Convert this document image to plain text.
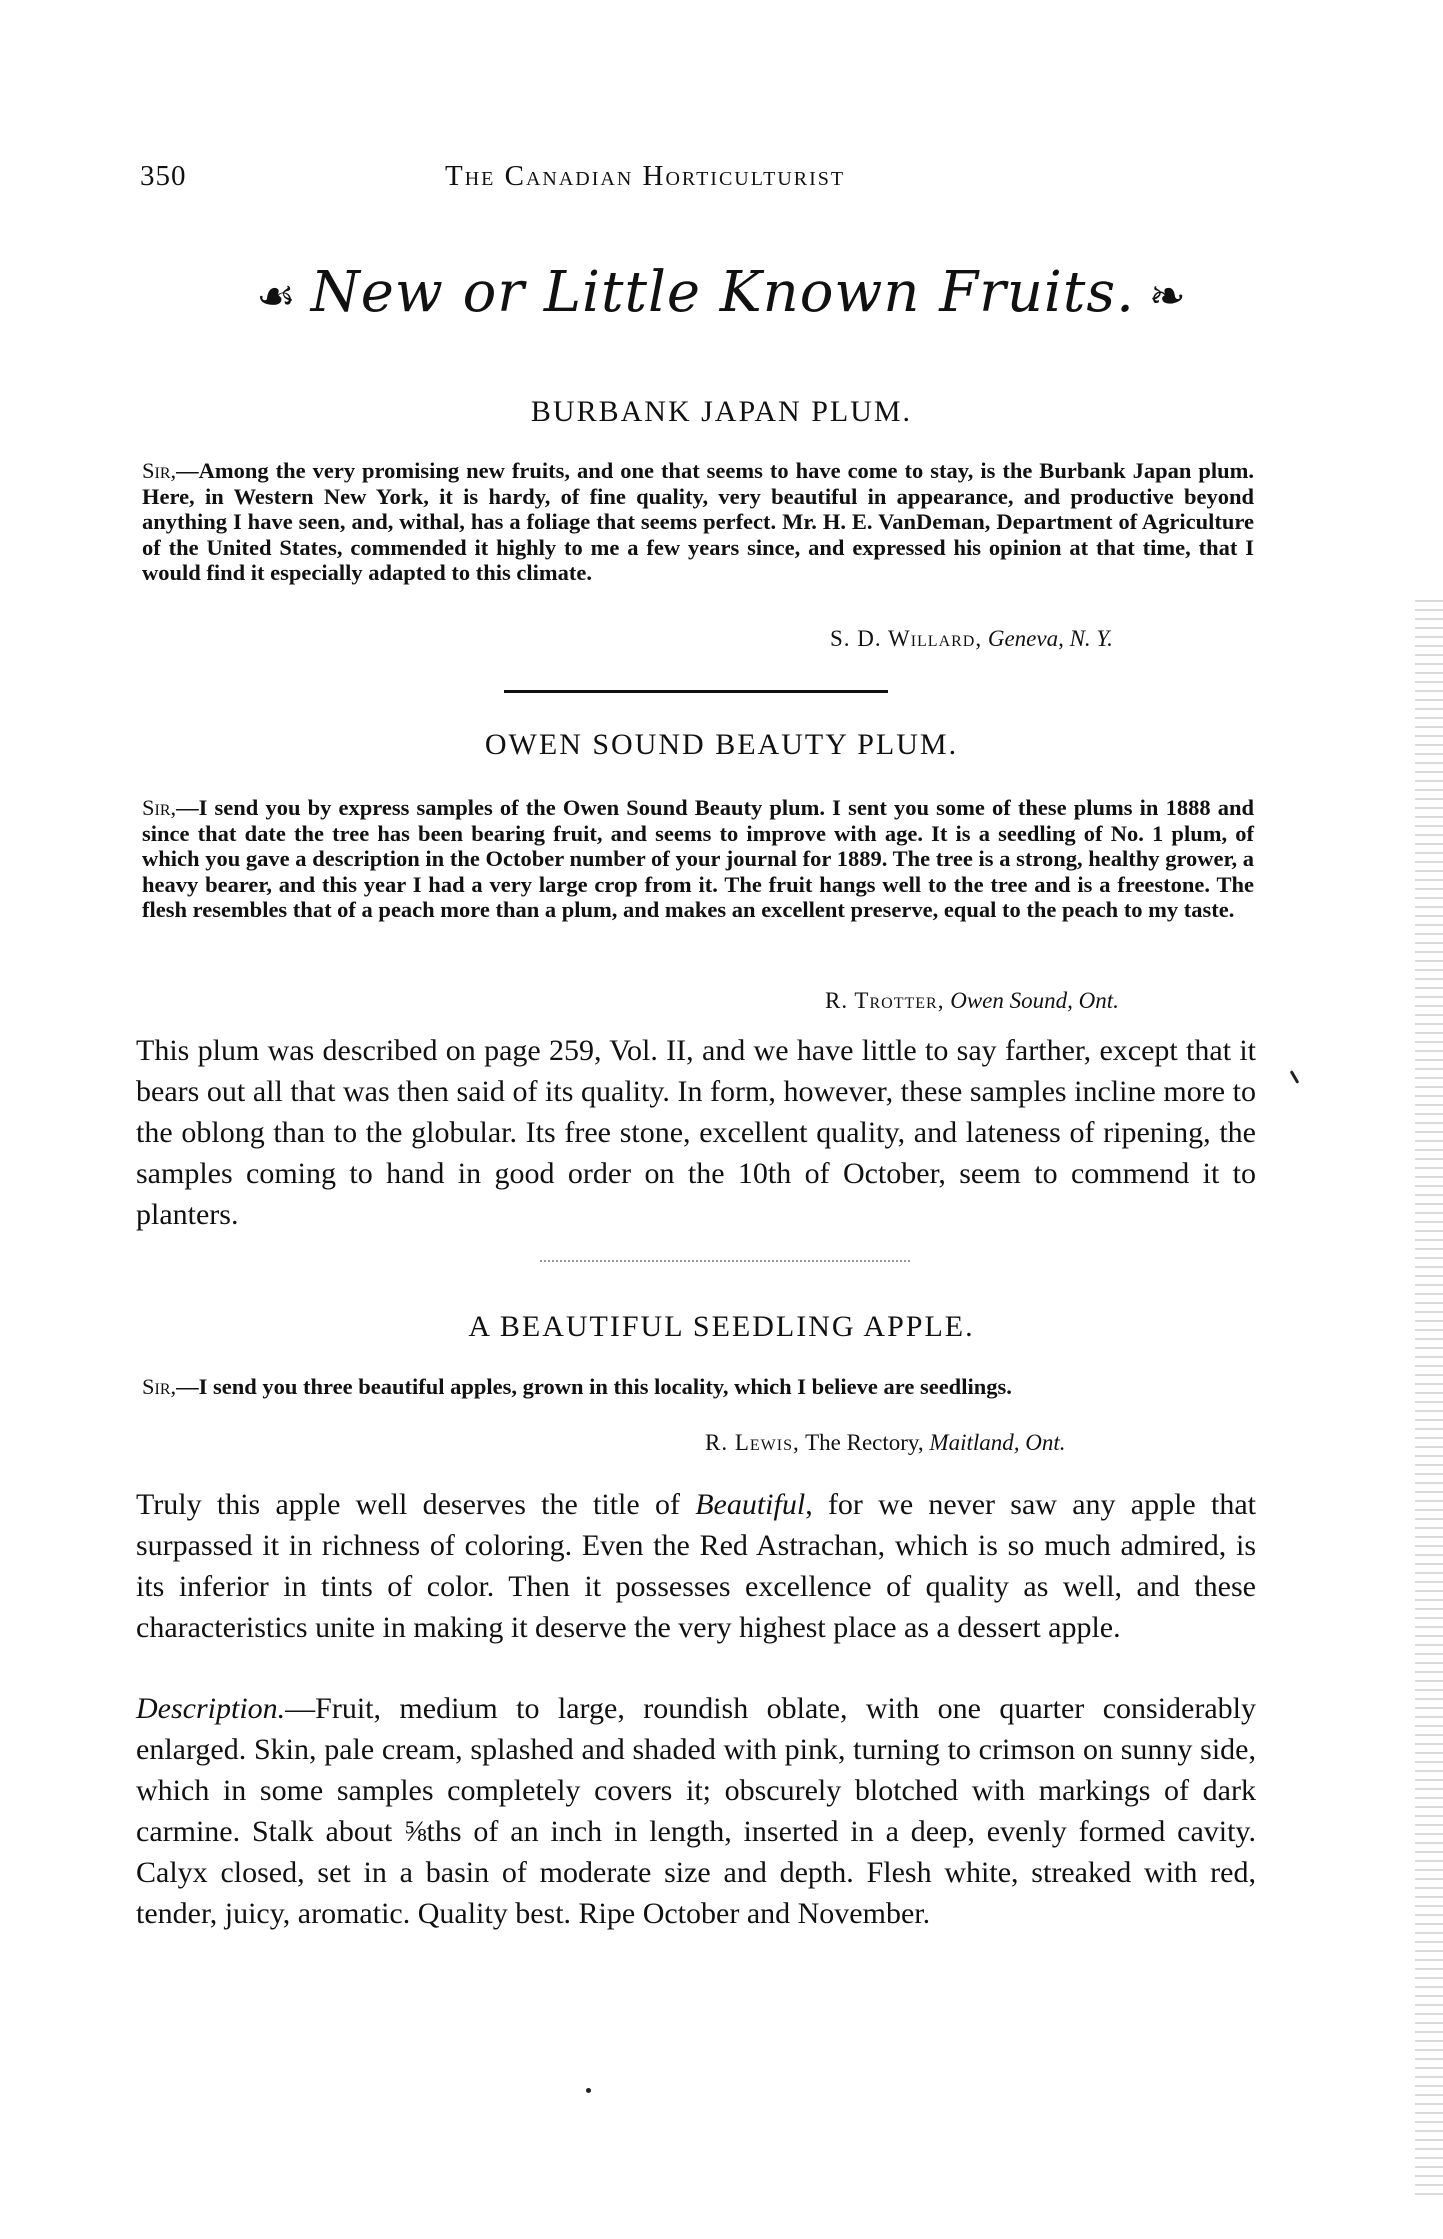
350	The Canadian Horticulturist
☙ New or Little Known Fruits. ❧
BURBANK JAPAN PLUM.
Sir,—Among the very promising new fruits, and one that seems to have come to stay, is the Burbank Japan plum. Here, in Western New York, it is hardy, of fine quality, very beautiful in appearance, and productive beyond anything I have seen, and, withal, has a foliage that seems perfect. Mr. H. E. VanDeman, Department of Agriculture of the United States, commended it highly to me a few years since, and expressed his opinion at that time, that I would find it especially adapted to this climate.
S. D. Willard, Geneva, N. Y.
OWEN SOUND BEAUTY PLUM.
Sir,—I send you by express samples of the Owen Sound Beauty plum. I sent you some of these plums in 1888 and since that date the tree has been bearing fruit, and seems to improve with age. It is a seedling of No. 1 plum, of which you gave a description in the October number of your journal for 1889. The tree is a strong, healthy grower, a heavy bearer, and this year I had a very large crop from it. The fruit hangs well to the tree and is a freestone. The flesh resembles that of a peach more than a plum, and makes an excellent preserve, equal to the peach to my taste.
R. Trotter, Owen Sound, Ont.
This plum was described on page 259, Vol. II, and we have little to say farther, except that it bears out all that was then said of its quality. In form, however, these samples incline more to the oblong than to the globular. Its free stone, excellent quality, and lateness of ripening, the samples coming to hand in good order on the 10th of October, seem to commend it to planters.
A BEAUTIFUL SEEDLING APPLE.
Sir,—I send you three beautiful apples, grown in this locality, which I believe are seedlings.
R. Lewis, The Rectory, Maitland, Ont.
Truly this apple well deserves the title of Beautiful, for we never saw any apple that surpassed it in richness of coloring. Even the Red Astrachan, which is so much admired, is its inferior in tints of color. Then it possesses excellence of quality as well, and these characteristics unite in making it deserve the very highest place as a dessert apple.
Description.—Fruit, medium to large, roundish oblate, with one quarter considerably enlarged. Skin, pale cream, splashed and shaded with pink, turning to crimson on sunny side, which in some samples completely covers it; obscurely blotched with markings of dark carmine. Stalk about ⅝ths of an inch in length, inserted in a deep, evenly formed cavity. Calyx closed, set in a basin of moderate size and depth. Flesh white, streaked with red, tender, juicy, aromatic. Quality best. Ripe October and November.
